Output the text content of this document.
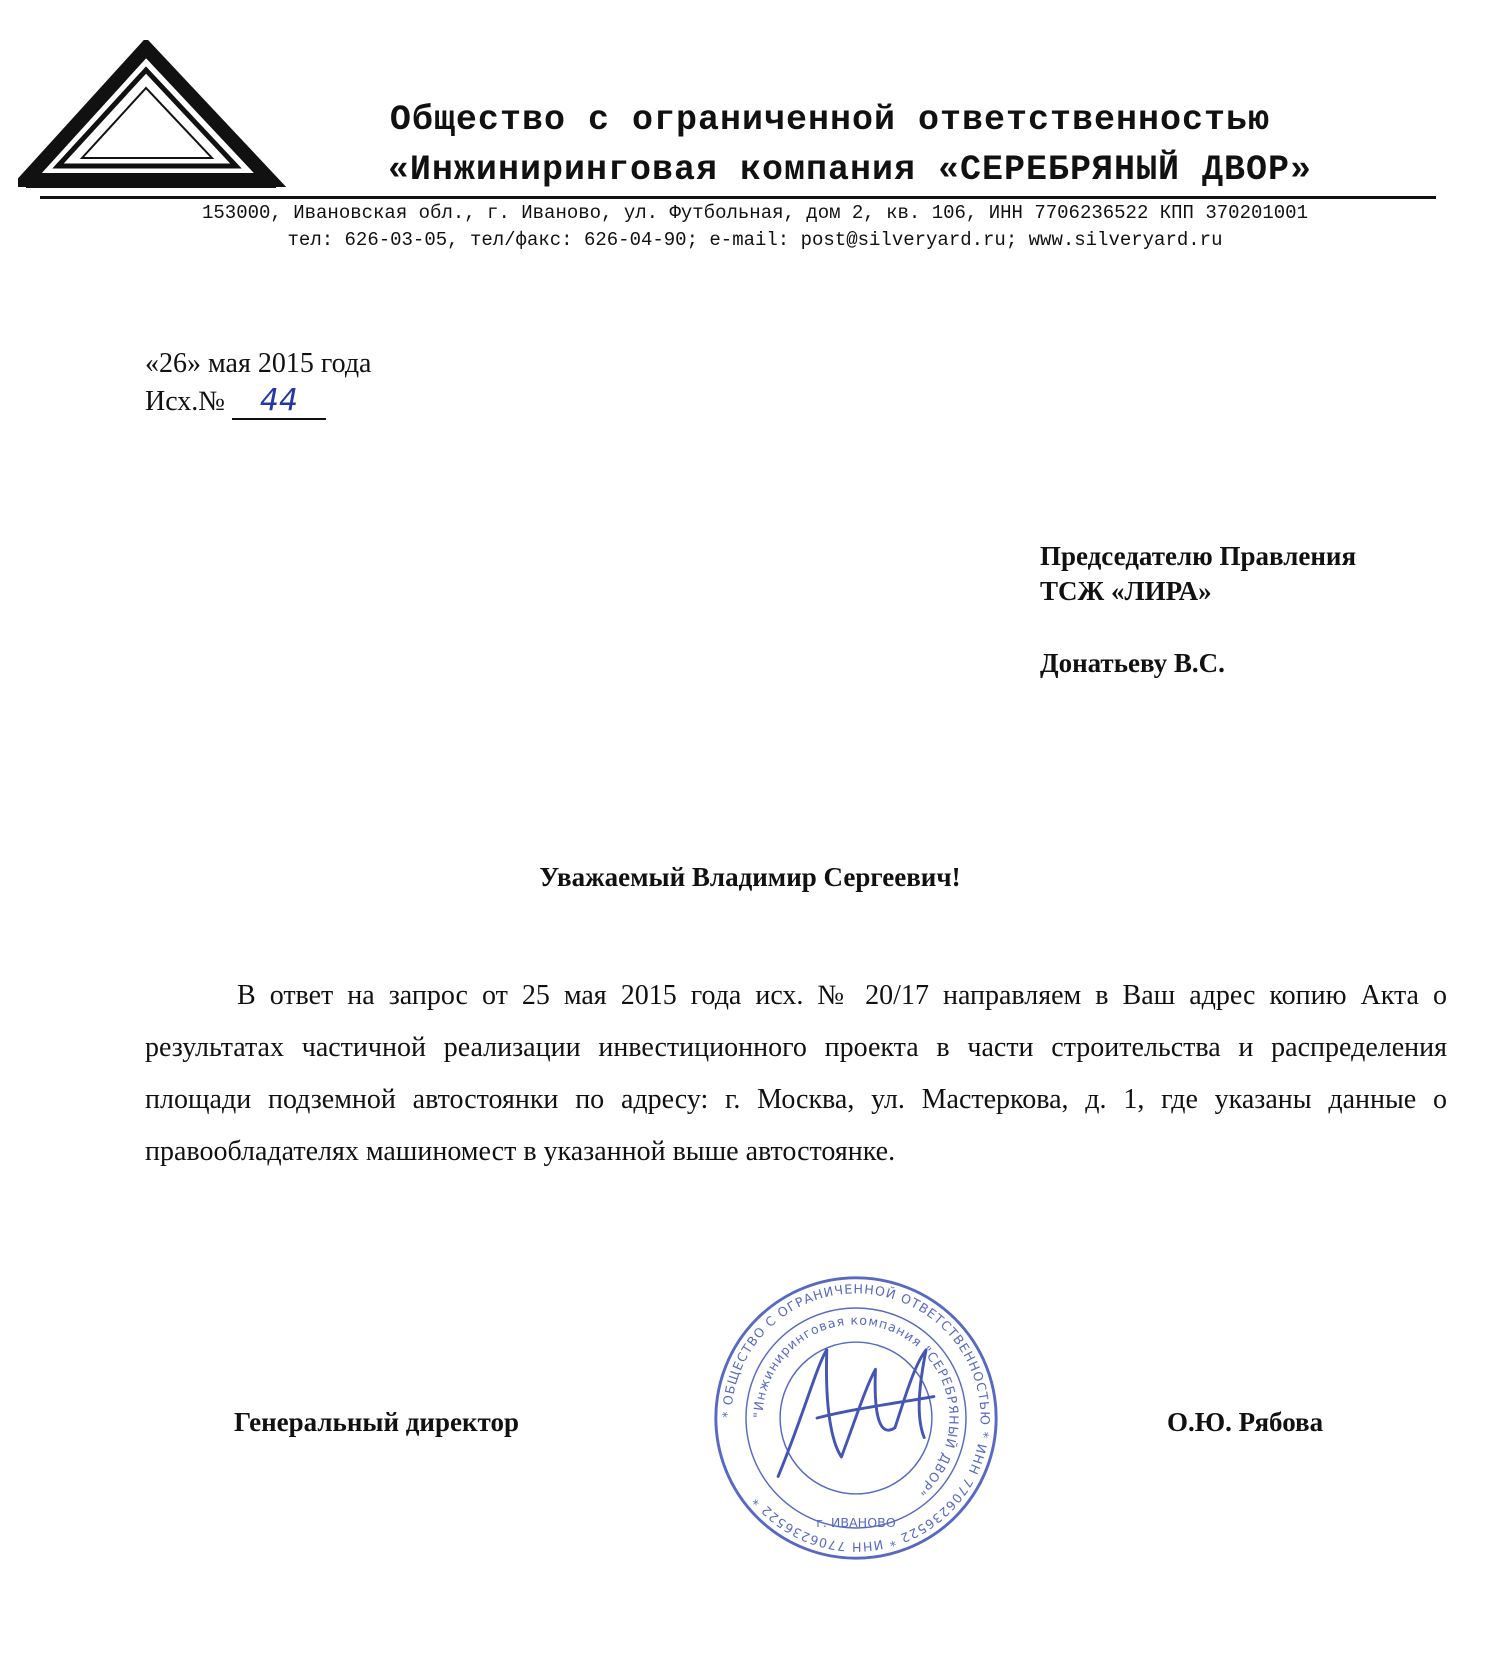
Общество с ограниченной ответственностью
«Инжиниринговая компания «СЕРЕБРЯНЫЙ ДВОР»
153000, Ивановская обл., г. Иваново, ул. Футбольная, дом 2, кв. 106, ИНН 7706236522 КПП 370201001
тел: 626-03-05, тел/факс: 626-04-90; e-mail: post@silveryard.ru; www.silveryard.ru
«26» мая 2015 года
Исх.№ 44
Председателю Правления
ТСЖ «ЛИРА»
Донатьеву В.С.
Уважаемый Владимир Сергеевич!
В ответ на запрос от 25 мая 2015 года исх. № 20/17 направляем в Ваш адрес копию Акта о результатах частичной реализации инвестиционного проекта в части строительства и распределения площади подземной автостоянки по адресу: г. Москва, ул. Мастеркова, д. 1, где указаны данные о правообладателях машиномест в указанной выше автостоянке.
Генеральный директор	О.Ю. Рябова
* ОБЩЕСТВО С ОГРАНИЧЕННОЙ ОТВЕТСТВЕННОСТЬЮ * ИНН 7706236522 * ИНН 7706236522 *
"Инжиниринговая компания "СЕРЕБРЯНЫЙ ДВОР"
г. ИВАНОВО
